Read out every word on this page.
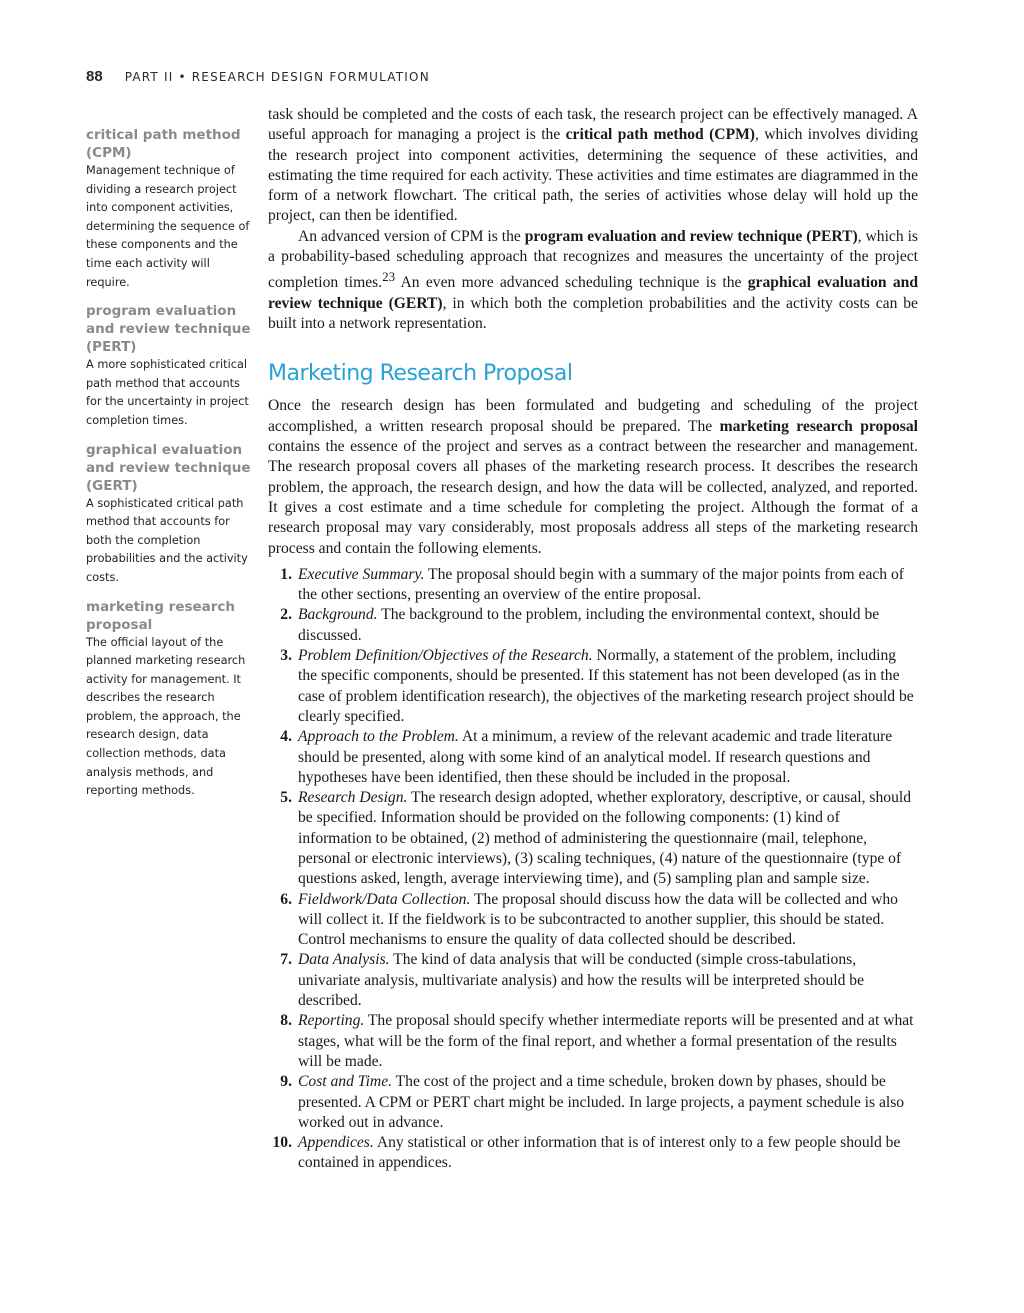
88 PART II • RESEARCH DESIGN FORMULATION
critical path method (CPM)
Management technique of dividing a research project into component activities, determining the sequence of these components and the time each activity will require.
program evaluation and review technique (PERT)
A more sophisticated critical path method that accounts for the uncertainty in project completion times.
graphical evaluation and review technique (GERT)
A sophisticated critical path method that accounts for both the completion probabilities and the activity costs.
marketing research proposal
The official layout of the planned marketing research activity for management. It describes the research problem, the approach, the research design, data collection methods, data analysis methods, and reporting methods.

task should be completed and the costs of each task, the research project can be effectively managed. A useful approach for managing a project is the critical path method (CPM), which involves dividing the research project into component activities, determining the sequence of these activities, and estimating the time required for each activity. These activities and time estimates are diagrammed in the form of a network flowchart. The critical path, the series of activities whose delay will hold up the project, can then be identified.

An advanced version of CPM is the program evaluation and review technique (PERT), which is a probability-based scheduling approach that recognizes and measures the uncertainty of the project completion times.$^{23}$ An even more advanced scheduling technique is the graphical evaluation and review technique (GERT), in which both the completion probabilities and the activity costs can be built into a network representation.

Marketing Research Proposal

Once the research design has been formulated and budgeting and scheduling of the project accomplished, a written research proposal should be prepared. The marketing research proposal contains the essence of the project and serves as a contract between the researcher and management. The research proposal covers all phases of the marketing research process. It describes the research problem, the approach, the research design, and how the data will be collected, analyzed, and reported. It gives a cost estimate and a time schedule for completing the project. Although the format of a research proposal may vary considerably, most proposals address all steps of the marketing research process and contain the following elements.

1. Executive Summary. The proposal should begin with a summary of the major points from each of the other sections, presenting an overview of the entire proposal.
2. Background. The background to the problem, including the environmental context, should be discussed.
3. Problem Definition/Objectives of the Research. Normally, a statement of the problem, including the specific components, should be presented. If this statement has not been developed (as in the case of problem identification research), the objectives of the marketing research project should be clearly specified.
4. Approach to the Problem. At a minimum, a review of the relevant academic and trade literature should be presented, along with some kind of an analytical model. If research questions and hypotheses have been identified, then these should be included in the proposal.
5. Research Design. The research design adopted, whether exploratory, descriptive, or causal, should be specified. Information should be provided on the following components: (1) kind of information to be obtained, (2) method of administering the questionnaire (mail, telephone, personal or electronic interviews), (3) scaling techniques, (4) nature of the questionnaire (type of questions asked, length, average interviewing time), and (5) sampling plan and sample size.
6. Fieldwork/Data Collection. The proposal should discuss how the data will be collected and who will collect it. If the fieldwork is to be subcontracted to another supplier, this should be stated. Control mechanisms to ensure the quality of data collected should be described.
7. Data Analysis. The kind of data analysis that will be conducted (simple cross-tabulations, univariate analysis, multivariate analysis) and how the results will be interpreted should be described.
8. Reporting. The proposal should specify whether intermediate reports will be presented and at what stages, what will be the form of the final report, and whether a formal presentation of the results will be made.
9. Cost and Time. The cost of the project and a time schedule, broken down by phases, should be presented. A CPM or PERT chart might be included. In large projects, a payment schedule is also worked out in advance.
10. Appendices. Any statistical or other information that is of interest only to a few people should be contained in appendices.
